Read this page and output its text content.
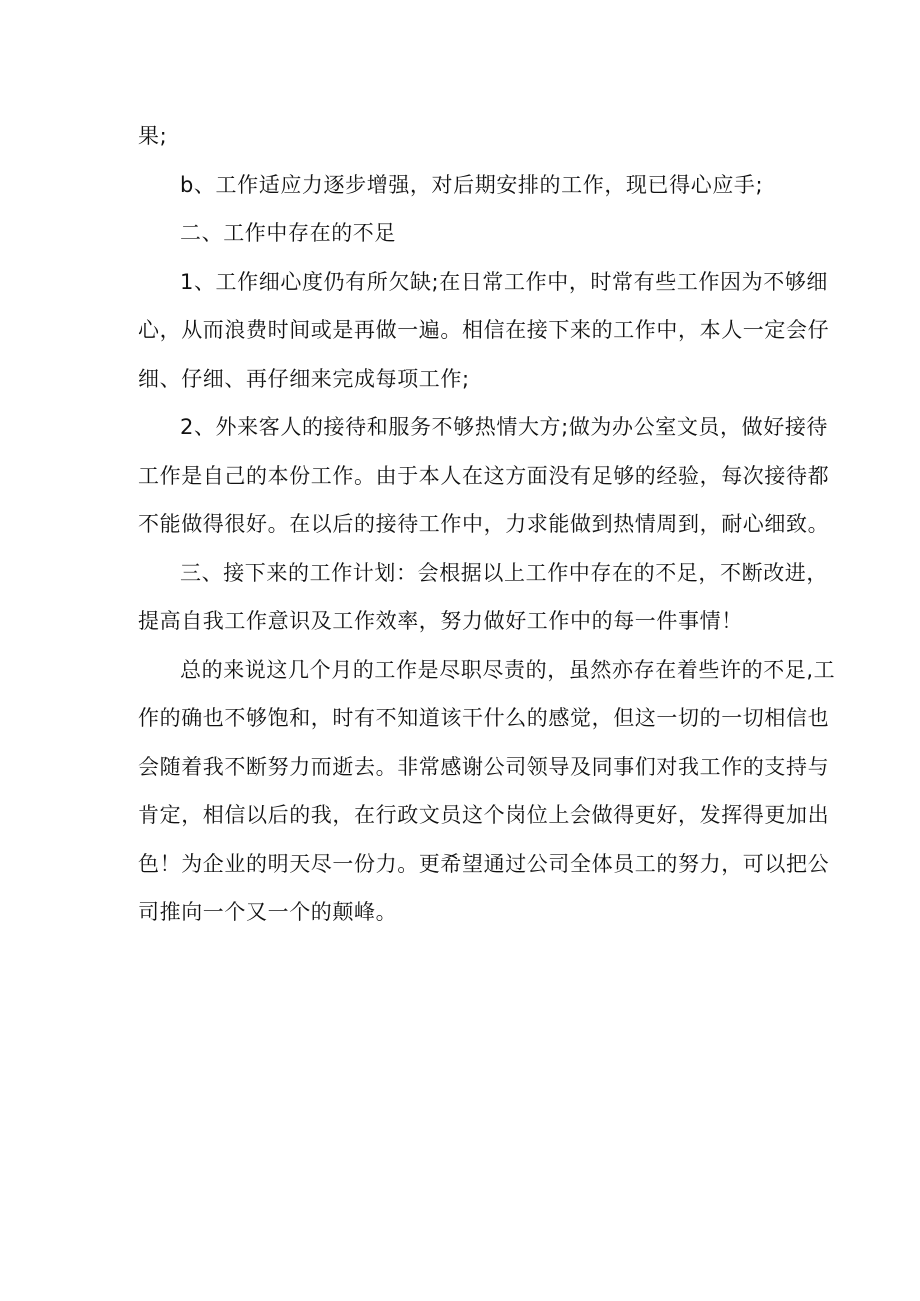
果;

b、工作适应力逐步增强，对后期安排的工作，现已得心应手;

二、工作中存在的不足

1、工作细心度仍有所欠缺;在日常工作中，时常有些工作因为不够细
心，从而浪费时间或是再做一遍。相信在接下来的工作中，本人一定会仔
细、仔细、再仔细来完成每项工作;

2、外来客人的接待和服务不够热情大方;做为办公室文员，做好接待
工作是自己的本份工作。由于本人在这方面没有足够的经验，每次接待都
不能做得很好。在以后的接待工作中，力求能做到热情周到，耐心细致。

三、接下来的工作计划：会根据以上工作中存在的不足，不断改进，
提高自我工作意识及工作效率，努力做好工作中的每一件事情！

总的来说这几个月的工作是尽职尽责的，虽然亦存在着些许的不足,工
作的确也不够饱和，时有不知道该干什么的感觉，但这一切的一切相信也
会随着我不断努力而逝去。非常感谢公司领导及同事们对我工作的支持与
肯定，相信以后的我，在行政文员这个岗位上会做得更好，发挥得更加出
色！为企业的明天尽一份力。更希望通过公司全体员工的努力，可以把公
司推向一个又一个的颠峰。
